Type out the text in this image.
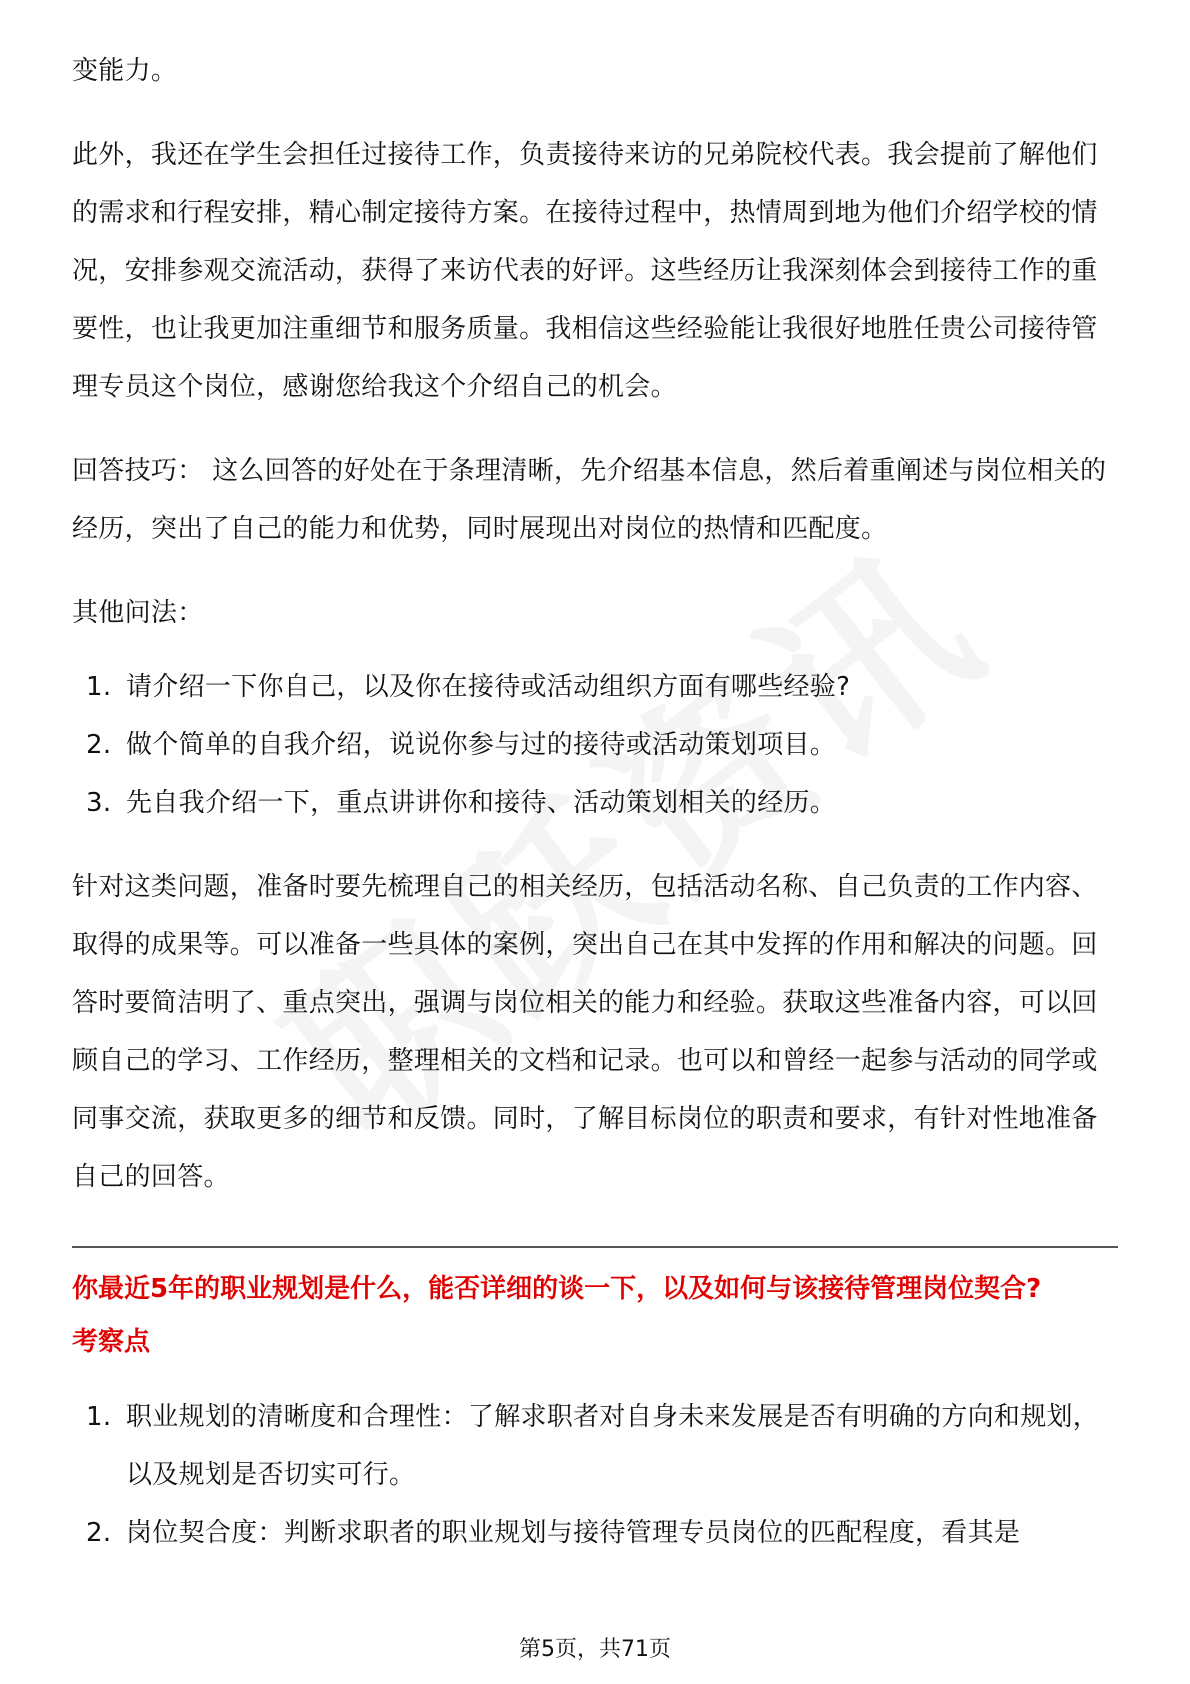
变能力。

此外，我还在学生会担任过接待工作，负责接待来访的兄弟院校代表。我会提前了解他们的需求和行程安排，精心制定接待方案。在接待过程中，热情周到地为他们介绍学校的情况，安排参观交流活动，获得了来访代表的好评。这些经历让我深刻体会到接待工作的重要性，也让我更加注重细节和服务质量。我相信这些经验能让我很好地胜任贵公司接待管理专员这个岗位，感谢您给我这个介绍自己的机会。

回答技巧： 这么回答的好处在于条理清晰，先介绍基本信息，然后着重阐述与岗位相关的经历，突出了自己的能力和优势，同时展现出对岗位的热情和匹配度。

其他问法：

1. 请介绍一下你自己，以及你在接待或活动组织方面有哪些经验?
2. 做个简单的自我介绍，说说你参与过的接待或活动策划项目。
3. 先自我介绍一下，重点讲讲你和接待、活动策划相关的经历。

针对这类问题，准备时要先梳理自己的相关经历，包括活动名称、自己负责的工作内容、取得的成果等。可以准备一些具体的案例，突出自己在其中发挥的作用和解决的问题。回答时要简洁明了、重点突出，强调与岗位相关的能力和经验。获取这些准备内容，可以回顾自己的学习、工作经历，整理相关的文档和记录。也可以和曾经一起参与活动的同学或同事交流，获取更多的细节和反馈。同时，了解目标岗位的职责和要求，有针对性地准备自己的回答。

你最近5年的职业规划是什么，能否详细的谈一下，以及如何与该接待管理岗位契合?

考察点

1. 职业规划的清晰度和合理性：了解求职者对自身未来发展是否有明确的方向和规划，以及规划是否切实可行。
2. 岗位契合度：判断求职者的职业规划与接待管理专员岗位的匹配程度，看其是
第5页，共71页
